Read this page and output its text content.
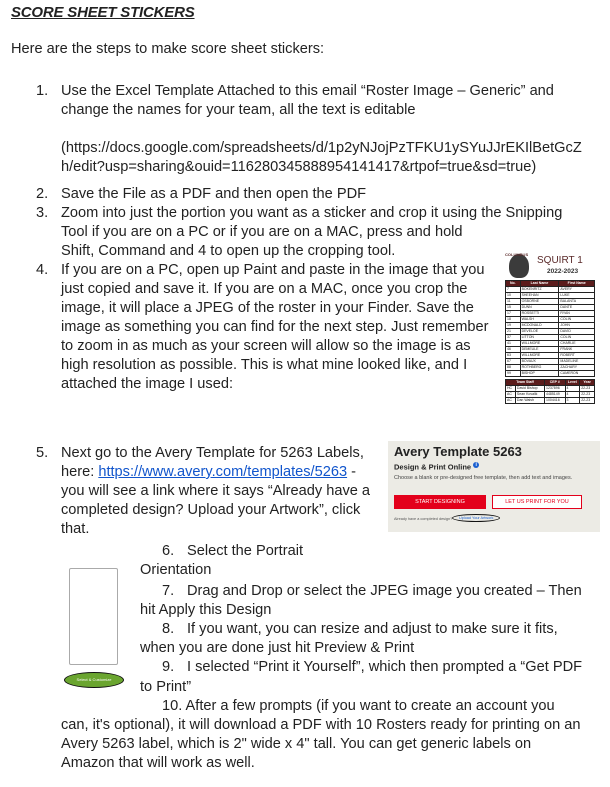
SCORE SHEET STICKERS
Here are the steps to make score sheet stickers:
1. Use the Excel Template Attached to this email “Roster Image – Generic” and
change the names for your team, all the text is editable
(https://docs.google.com/spreadsheets/d/1p2yNJojPzTFKU1ySYuJJrEKIlBetGcZ
h/edit?usp=sharing&ouid=116280345888954141417&rtpof=true&sd=true)
2. Save the File as a PDF and then open the PDF
3. Zoom into just the portion you want as a sticker and crop it using the Snipping
Tool if you are on a PC or if you are on a MAC, press and hold
Shift, Command and 4 to open up the cropping tool.
4. If you are on a PC, open up Paint and paste in the image that you
just copied and save it. If you are on a MAC, once you crop the
image, it will place a JPEG of the roster in your Finder. Save the
image as something you can find for the next step. Just remember
to zoom in as much as your screen will allow so the image is as
high resolution as possible. This is what mine looked like, and I
attached the image I used:
COLUMBUS
SQUIRT 1
2022-2023
No.	Last Name	First Name
7	BOKENRITZ	AVERY
10	SHEEHAN	LUKE
11	OSBORNE	BALANTA
15	DUNN	DANTE
17	ROSSETTI	RYAN
18	WALSH	COLIN
19	MCDONALD	JOHN
21	DEVELOE	DAVID
37	LITTON	COLIN
41	WILLMORE	CHARLIE
46	DEMEULE	FRANK
63	WILLMORE	ROBERT
67	BOVAUX	MADELINE
88	ROTHBERG	ZACHARY
99	BISHOP	CAMERON
Team Staff		CEP #	Level	Year
HC	David Bishop	1237896	4	22-23
AC	Sean Kovalik	4485149	4	22-23
AC	Dan Walsh	1004416	3	22-23
5. Next go to the Avery Template for 5263 Labels,
here: https://www.avery.com/templates/5263 -
you will see a link where it says “Already have a
completed design? Upload your Artwork”, click
that.
Avery Template 5263
Design & Print Online i
Choose a blank or pre-designed free template, then add text and images.
START DESIGNING	LET US PRINT FOR YOU
Already have a completed design?	Upload Your Artwork
6. Select the Portrait
Orientation
7. Drag and Drop or select the JPEG image you created – Then
hit Apply this Design
8. If you want, you can resize and adjust to make sure it fits,
when you are done just hit Preview & Print
9. I selected “Print it Yourself”, which then prompted a “Get PDF
to Print”
Select & Customize
10. After a few prompts (if you want to create an account you
can, it's optional), it will download a PDF with 10 Rosters ready for printing on an
Avery 5263 label, which is 2" wide x 4" tall. You can get generic labels on
Amazon that will work as well.
